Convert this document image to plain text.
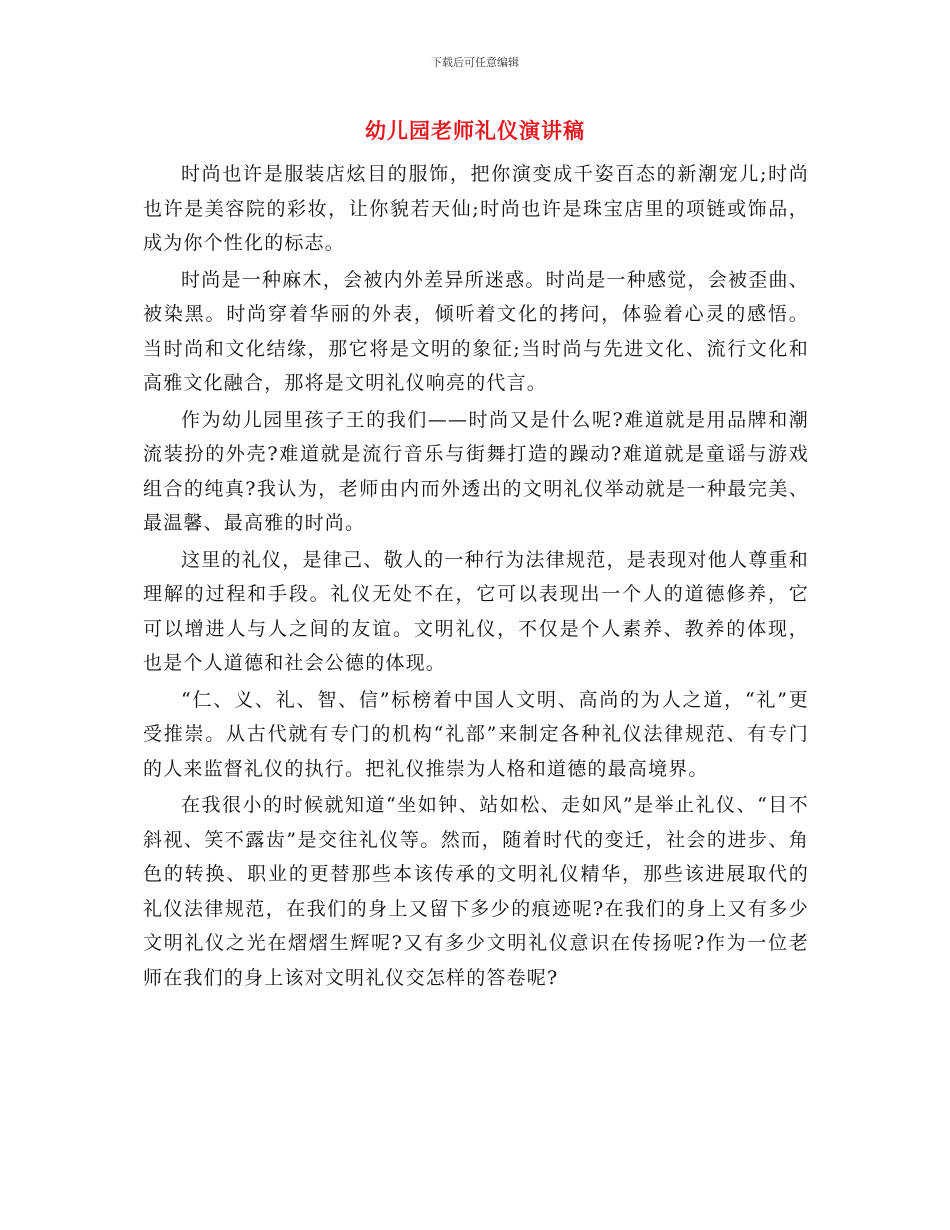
下载后可任意编辑
幼儿园老师礼仪演讲稿

时尚也许是服装店炫目的服饰，把你演变成千姿百态的新潮宠儿;时尚也许是美容院的彩妆，让你貌若天仙;时尚也许是珠宝店里的项链或饰品，成为你个性化的标志。

时尚是一种麻木，会被内外差异所迷惑。时尚是一种感觉，会被歪曲、被染黑。时尚穿着华丽的外表，倾听着文化的拷问，体验着心灵的感悟。当时尚和文化结缘，那它将是文明的象征;当时尚与先进文化、流行文化和高雅文化融合，那将是文明礼仪响亮的代言。

作为幼儿园里孩子王的我们——时尚又是什么呢?难道就是用品牌和潮流装扮的外壳?难道就是流行音乐与街舞打造的躁动?难道就是童谣与游戏组合的纯真?我认为，老师由内而外透出的文明礼仪举动就是一种最完美、最温馨、最高雅的时尚。

这里的礼仪，是律己、敬人的一种行为法律规范，是表现对他人尊重和理解的过程和手段。礼仪无处不在，它可以表现出一个人的道德修养，它可以增进人与人之间的友谊。文明礼仪，不仅是个人素养、教养的体现，也是个人道德和社会公德的体现。

“仁、义、礼、智、信”标榜着中国人文明、高尚的为人之道，“礼”更受推崇。从古代就有专门的机构“礼部”来制定各种礼仪法律规范、有专门的人来监督礼仪的执行。把礼仪推崇为人格和道德的最高境界。

在我很小的时候就知道“坐如钟、站如松、走如风”是举止礼仪、“目不斜视、笑不露齿”是交往礼仪等。然而，随着时代的变迁，社会的进步、角色的转换、职业的更替那些本该传承的文明礼仪精华，那些该进展取代的礼仪法律规范，在我们的身上又留下多少的痕迹呢?在我们的身上又有多少文明礼仪之光在熠熠生辉呢?又有多少文明礼仪意识在传扬呢?作为一位老师在我们的身上该对文明礼仪交怎样的答卷呢?
